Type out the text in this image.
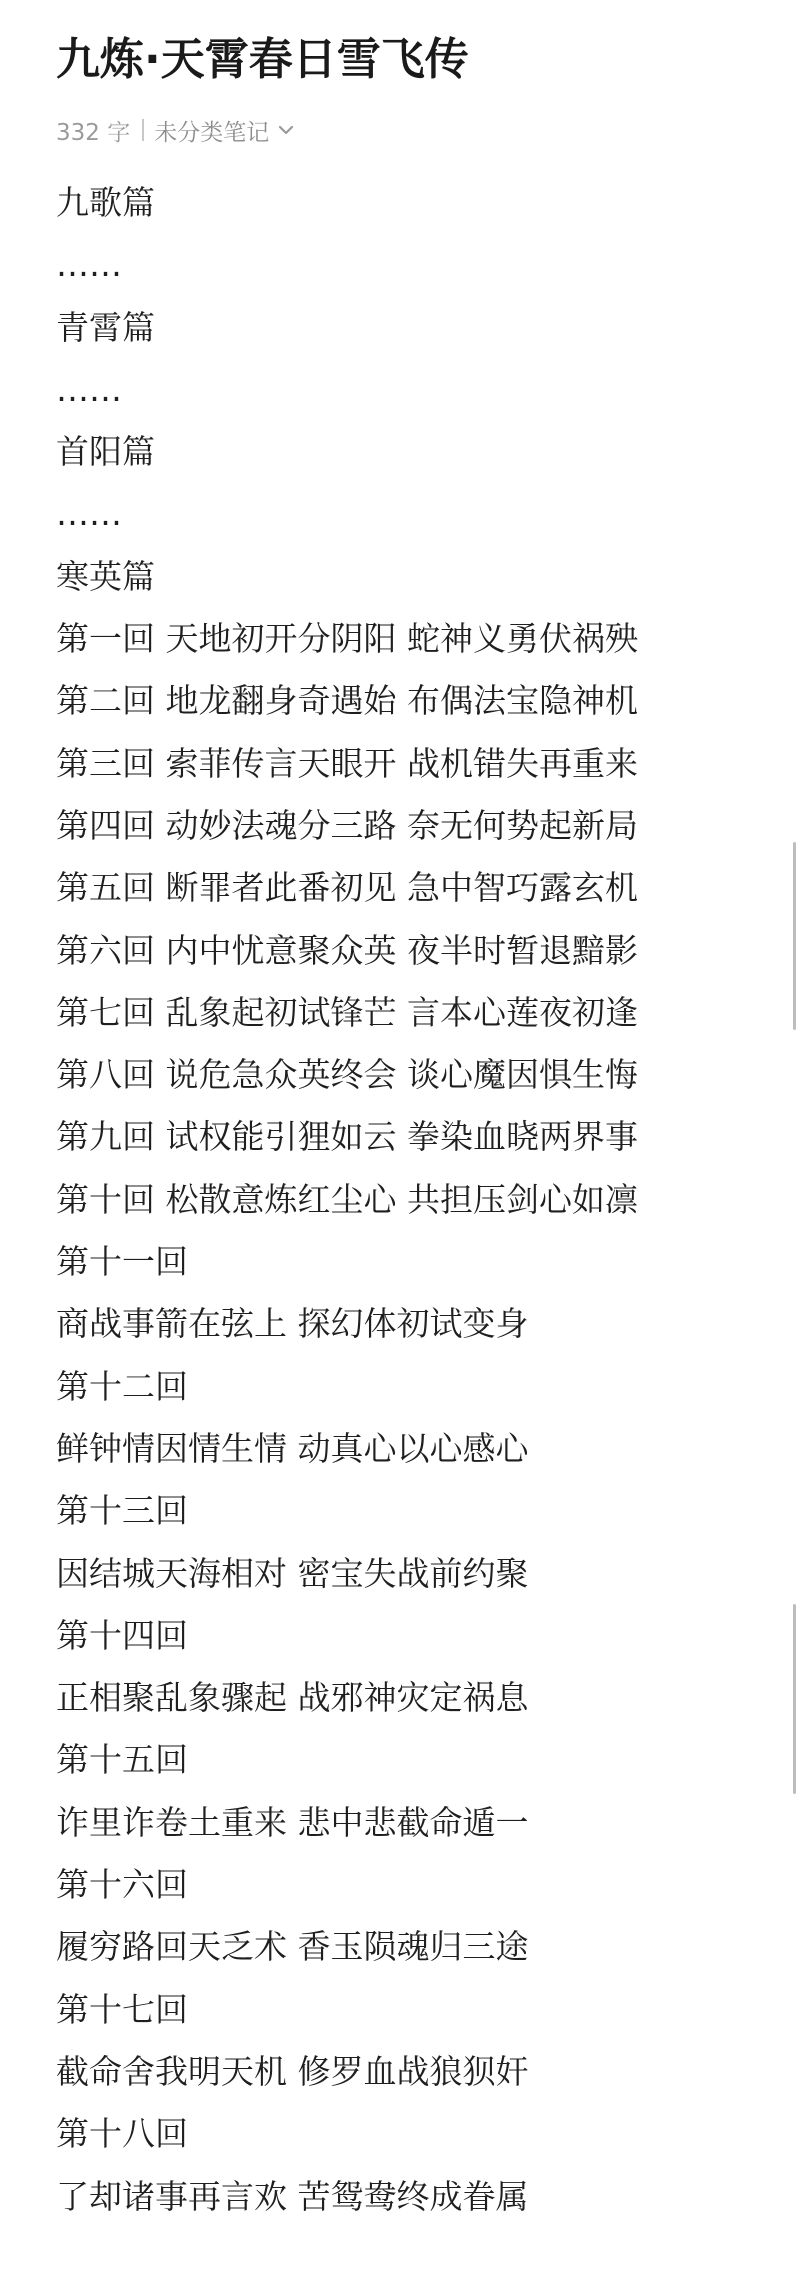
九炼·天霄春日雪飞传
332 字 未分类笔记
九歌篇
……
青霄篇
……
首阳篇
……
寒英篇
第一回 天地初开分阴阳 蛇神义勇伏祸殃
第二回 地龙翻身奇遇始 布偶法宝隐神机
第三回 索菲传言天眼开 战机错失再重来
第四回 动妙法魂分三路 奈无何势起新局
第五回 断罪者此番初见 急中智巧露玄机
第六回 内中忧意聚众英 夜半时暂退黯影
第七回 乱象起初试锋芒 言本心莲夜初逢
第八回 说危急众英终会 谈心魔因惧生悔
第九回 试权能引狸如云 拳染血晓两界事
第十回 松散意炼红尘心 共担压剑心如凛
第十一回
商战事箭在弦上 探幻体初试变身
第十二回
鲜钟情因情生情 动真心以心感心
第十三回
因结城天海相对 密宝失战前约聚
第十四回
正相聚乱象骤起 战邪神灾定祸息
第十五回
诈里诈卷土重来 悲中悲截命遁一
第十六回
履穷路回天乏术 香玉陨魂归三途
第十七回
截命舍我明天机 修罗血战狼狈奸
第十八回
了却诸事再言欢 苦鸳鸯终成眷属
